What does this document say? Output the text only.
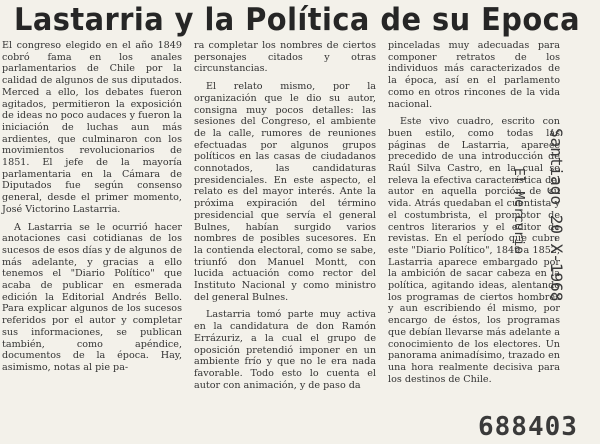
Lastarria y la Política de su Epoca

El congreso elegido en el año 1849 cobró fama en los anales parlamentarios de Chile por la calidad de algunos de sus diputados. Merced a ello, los debates fueron agitados, permitieron la exposición de ideas no poco audaces y fueron la iniciación de luchas aun más ardientes, que culminaron con los movimientos revolucionarios de 1851. El jefe de la mayoría parlamentaria en la Cámara de Diputados fue según consenso general, desde el primer momento, José Victorino Lastarria.

A Lastarria se le ocurrió hacer anotaciones casi cotidianas de los sucesos de esos días y de algunos de más adelante, y gracias a ello tenemos el "Diario Político" que acaba de publicar en esmerada edición la Editorial Andrés Bello. Para explicar algunos de los sucesos referidos por el autor y completar sus informaciones, se publican también, como apéndice, documentos de la época. Hay, asimismo, notas al pie pa-

ra completar los nombres de ciertos personajes citados y otras circunstancias.

El relato mismo, por la organización que le dio su autor, consigna muy pocos detalles: las sesiones del Congreso, el ambiente de la calle, rumores de reuniones efectuadas por algunos grupos políticos en las casas de ciudadanos connotados, las candidaturas presidenciales. En este aspecto, el relato es del mayor interés. Ante la próxima expiración del término presidencial que servía el general Bulnes, habían surgido varios nombres de posibles sucesores. En la contienda electoral, como se sabe, triunfó don Manuel Montt, con lucida actuación como rector del Instituto Nacional y como ministro del general Bulnes.

Lastarria tomó parte muy activa en la candidatura de don Ramón Errázuriz, a la cual el grupo de oposición pretendió imponer en un ambiente frío y que no le era nada favorable. Todo esto lo cuenta el autor con animación, y de paso da

pinceladas muy adecuadas para componer retratos de los individuos más caracterizados de la época, así en el parlamento como en otros rincones de la vida nacional.

Este vivo cuadro, escrito con buen estilo, como todas las páginas de Lastarria, aparece precedido de una introducción de Raúl Silva Castro, en la cual se releva la efectiva característica del autor en aquella porción de su vida. Atrás quedaban el cuentista y el costumbrista, el promotor de centros literarios y el editor de revistas. En el período que cubre este "Diario Político", 1849 a 1852, Lastarria aparece embargado por la ambición de sacar cabeza en la política, agitando ideas, alentando los programas de ciertos hombres y aun escribiendo él mismo, por encargo de éstos, los programas que debían llevarse más adelante a conocimiento de los electores. Un panorama animadísimo, trazado en una hora realmente decisiva para los destinos de Chile.

El Mercurio Santiago 20-X-1968
688403
